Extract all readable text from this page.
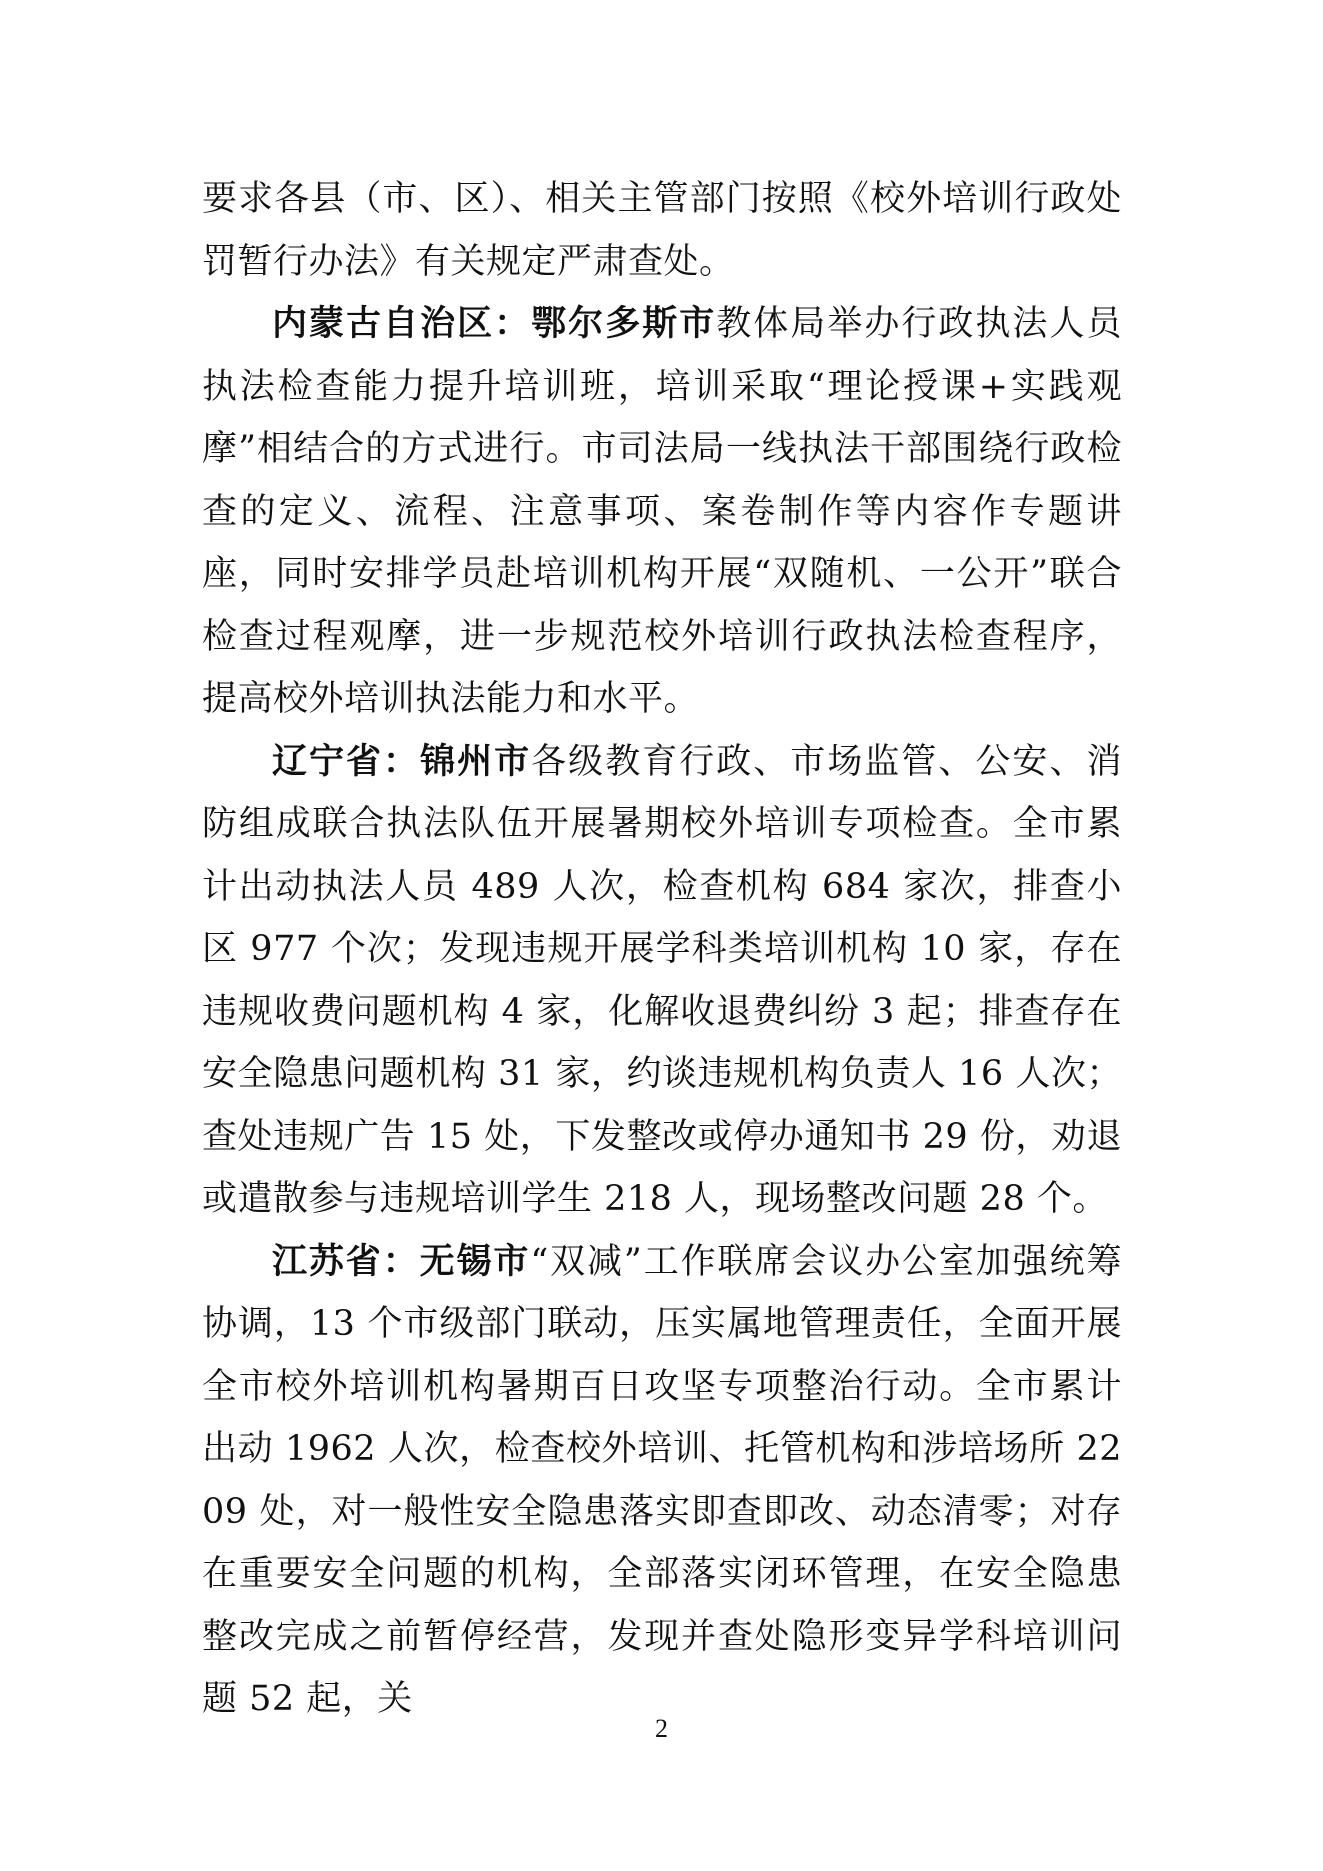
要求各县（市、区）、相关主管部门按照《校外培训行政处罚暂行办法》有关规定严肃查处。

内蒙古自治区：鄂尔多斯市教体局举办行政执法人员执法检查能力提升培训班，培训采取“理论授课+实践观摩”相结合的方式进行。市司法局一线执法干部围绕行政检查的定义、流程、注意事项、案卷制作等内容作专题讲座，同时安排学员赴培训机构开展“双随机、一公开”联合检查过程观摩，进一步规范校外培训行政执法检查程序，提高校外培训执法能力和水平。

辽宁省：锦州市各级教育行政、市场监管、公安、消防组成联合执法队伍开展暑期校外培训专项检查。全市累计出动执法人员 489 人次，检查机构 684 家次，排查小区 977 个次；发现违规开展学科类培训机构 10 家，存在违规收费问题机构 4 家，化解收退费纠纷 3 起；排查存在安全隐患问题机构 31 家，约谈违规机构负责人 16 人次；查处违规广告 15 处，下发整改或停办通知书 29 份，劝退或遣散参与违规培训学生 218 人，现场整改问题 28 个。

江苏省：无锡市“双减”工作联席会议办公室加强统筹协调，13 个市级部门联动，压实属地管理责任，全面开展全市校外培训机构暑期百日攻坚专项整治行动。全市累计出动 1962 人次，检查校外培训、托管机构和涉培场所 2209 处，对一般性安全隐患落实即查即改、动态清零；对存在重要安全问题的机构，全部落实闭环管理，在安全隐患整改完成之前暂停经营，发现并查处隐形变异学科培训问题 52 起，关

2
